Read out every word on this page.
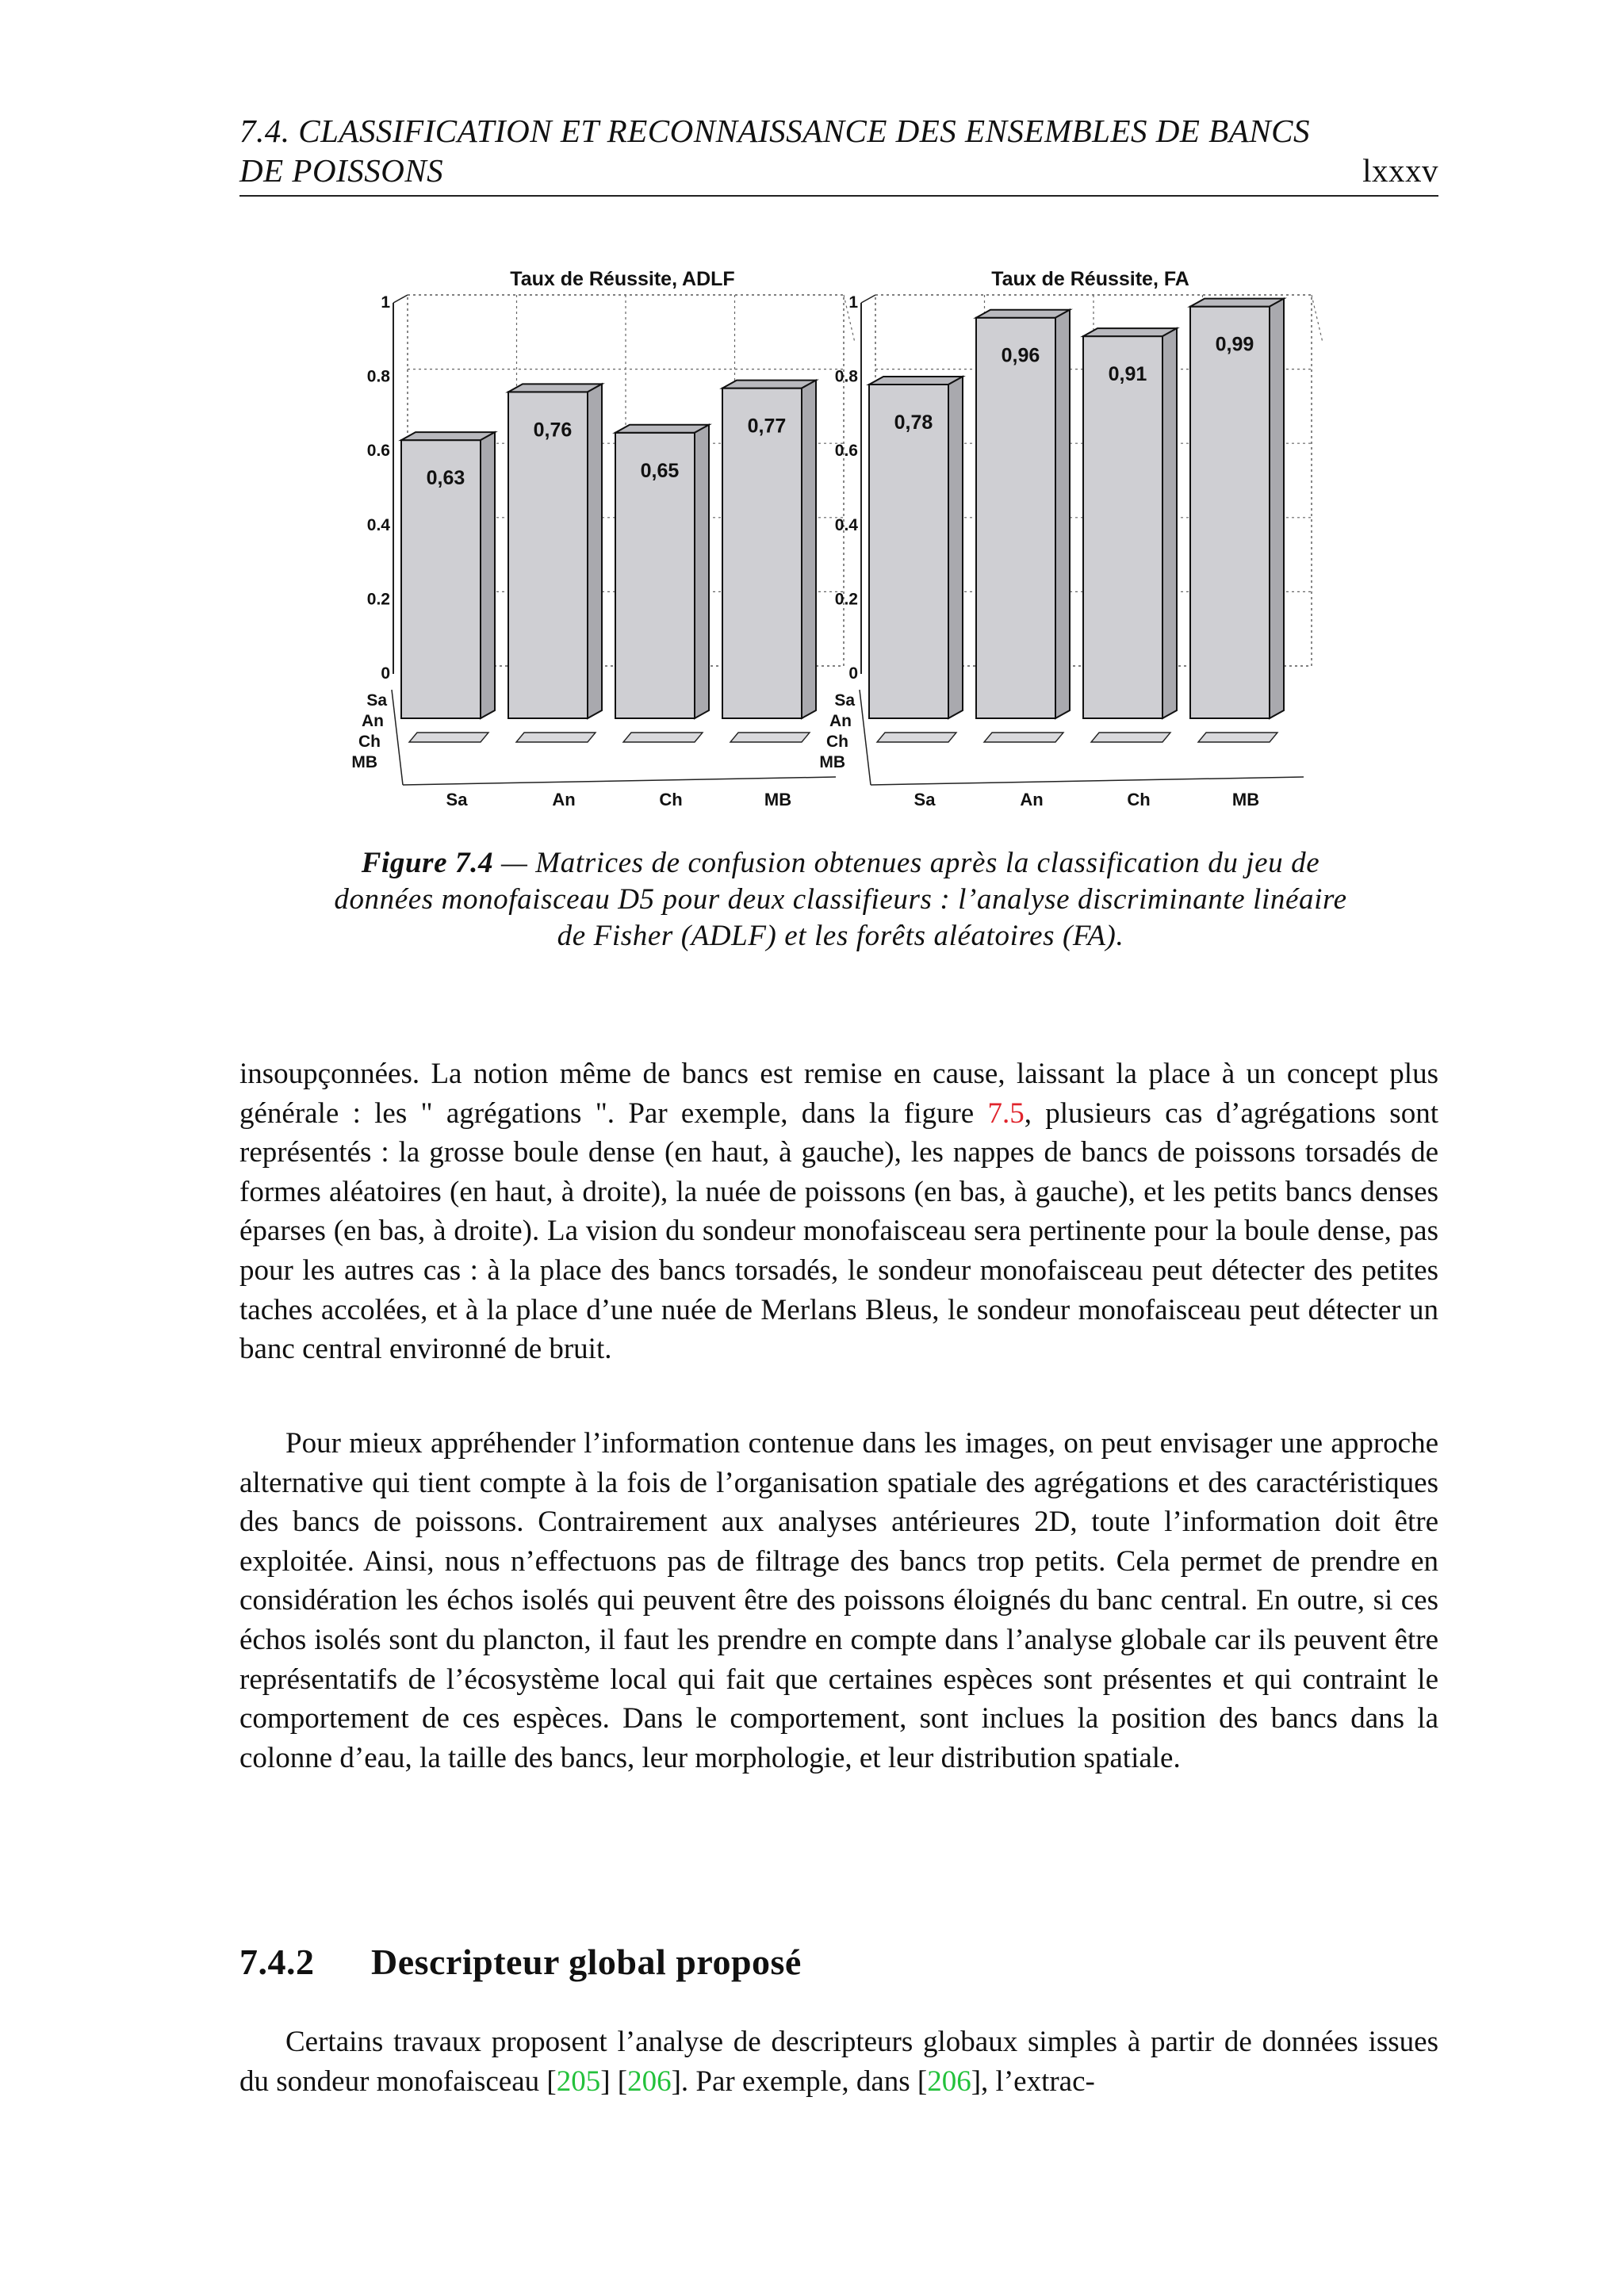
7.4. CLASSIFICATION ET RECONNAISSANCE DES ENSEMBLES DE BANCS
DE POISSONS	lxxxv
Taux de Réussite, ADLF
1
0.8
0.6
0.4
0.2
0
Sa
An
Ch
MB
0,63
Sa
0,76
An
0,65
Ch
0,77
MB
Taux de Réussite, FA
1
0.8
0.6
0.4
0.2
0
Sa
An
Ch
MB
0,78
Sa
0,96
An
0,91
Ch
0,99
MB
Figure 7.4 — Matrices de confusion obtenues après la classification du jeu de données monofaisceau D5 pour deux classifieurs : l’analyse discriminante linéaire de Fisher (ADLF) et les forêts aléatoires (FA).
insoupçonnées. La notion même de bancs est remise en cause, laissant la place à un concept plus générale : les " agrégations ". Par exemple, dans la figure 7.5, plusieurs cas d’agrégations sont représentés : la grosse boule dense (en haut, à gauche), les nappes de bancs de poissons torsadés de formes aléatoires (en haut, à droite), la nuée de poissons (en bas, à gauche), et les petits bancs denses éparses (en bas, à droite). La vision du sondeur monofaisceau sera pertinente pour la boule dense, pas pour les autres cas : à la place des bancs torsadés, le sondeur monofaisceau peut détecter des petites taches accolées, et à la place d’une nuée de Merlans Bleus, le sondeur monofaisceau peut détecter un banc central environné de bruit.
Pour mieux appréhender l’information contenue dans les images, on peut envisager une approche alternative qui tient compte à la fois de l’organisation spatiale des agrégations et des caractéristiques des bancs de poissons. Contrairement aux analyses antérieures 2D, toute l’information doit être exploitée. Ainsi, nous n’effectuons pas de filtrage des bancs trop petits. Cela permet de prendre en considération les échos isolés qui peuvent être des poissons éloignés du banc central. En outre, si ces échos isolés sont du plancton, il faut les prendre en compte dans l’analyse globale car ils peuvent être représentatifs de l’écosystème local qui fait que certaines espèces sont présentes et qui contraint le comportement de ces espèces. Dans le comportement, sont inclues la position des bancs dans la colonne d’eau, la taille des bancs, leur morphologie, et leur distribution spatiale.
7.4.2 Descripteur global proposé
Certains travaux proposent l’analyse de descripteurs globaux simples à partir de données issues du sondeur monofaisceau [205] [206]. Par exemple, dans [206], l’extrac-
